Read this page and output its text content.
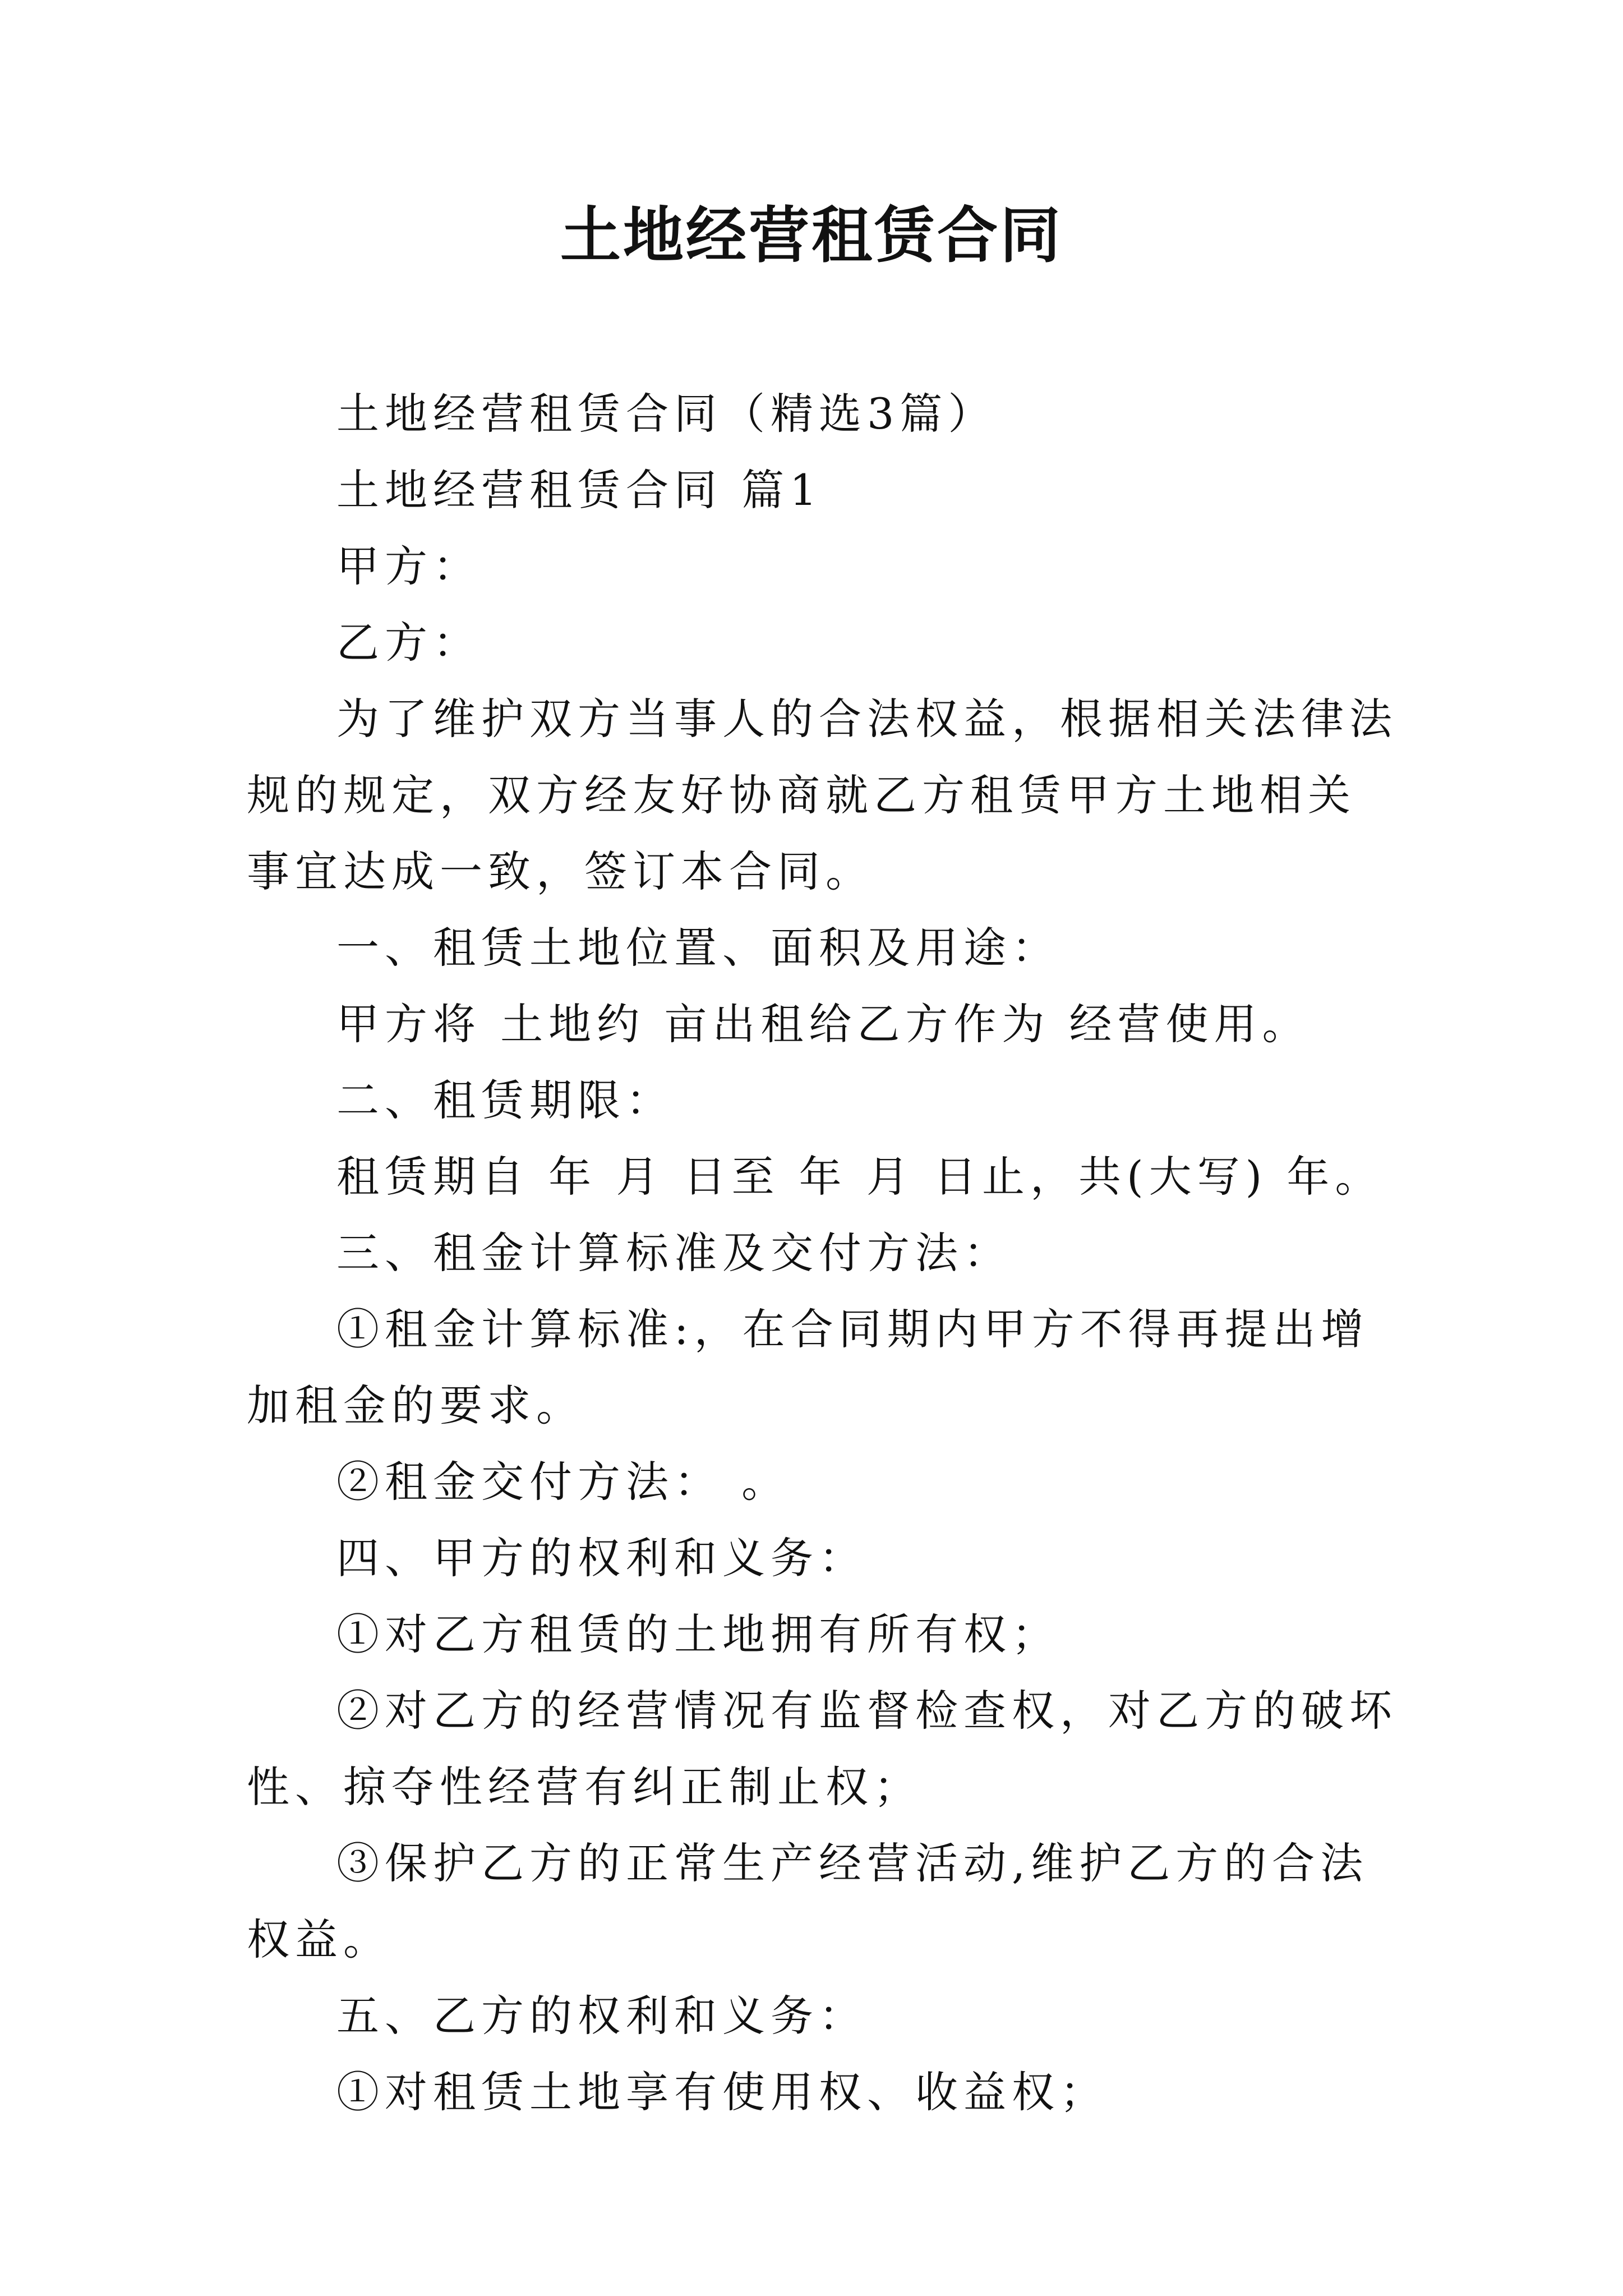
土地经营租赁合同

土地经营租赁合同（精选3篇）

土地经营租赁合同 篇1

甲方：

乙方：

为了维护双方当事人的合法权益，根据相关法律法规的规定，双方经友好协商就乙方租赁甲方土地相关事宜达成一致，签订本合同。

一、租赁土地位置、面积及用途：

甲方将 土地约 亩出租给乙方作为 经营使用。

二、租赁期限：

租赁期自 年 月 日至 年 月 日止，共(大写) 年。

三、租金计算标准及交付方法：

①租金计算标准:，在合同期内甲方不得再提出增加租金的要求。

②租金交付方法： 。

四、甲方的权利和义务：

①对乙方租赁的土地拥有所有权；

②对乙方的经营情况有监督检查权，对乙方的破坏性、掠夺性经营有纠正制止权；

③保护乙方的正常生产经营活动,维护乙方的合法权益。

五、乙方的权利和义务：

①对租赁土地享有使用权、收益权；
